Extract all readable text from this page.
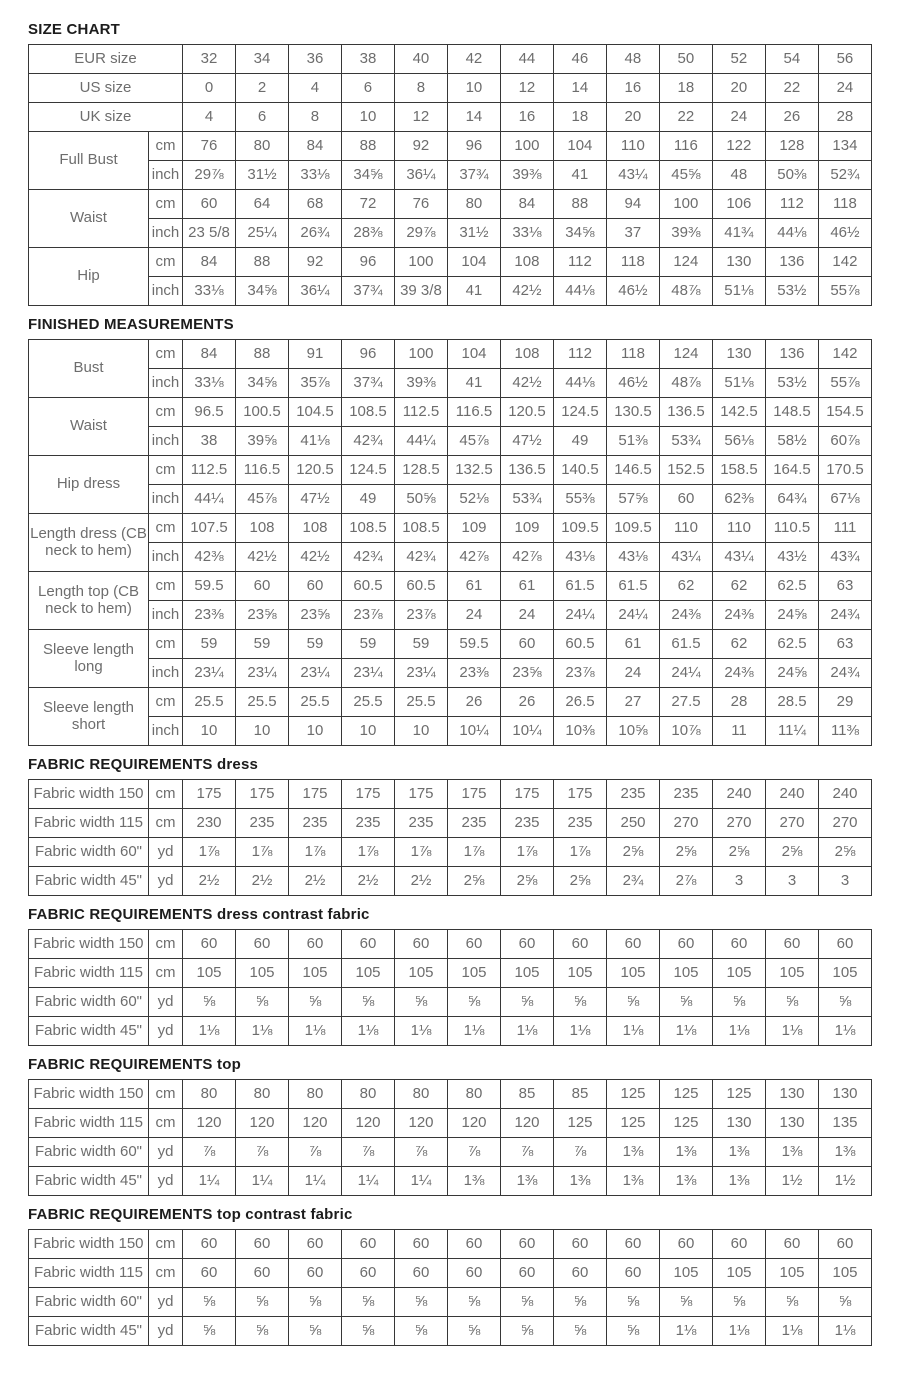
SIZE CHART
EUR size		32	34	36	38	40	42	44	46	48	50	52	54	56
US size		0	2	4	6	8	10	12	14	16	18	20	22	24
UK size		4	6	8	10	12	14	16	18	20	22	24	26	28
Full Bust	cm	76	80	84	88	92	96	100	104	110	116	122	128	134
	inch	29⅞	31½	33⅛	34⅝	36¼	37¾	39⅜	41	43¼	45⅝	48	50⅜	52¾
Waist	cm	60	64	68	72	76	80	84	88	94	100	106	112	118
	inch	23 5/8	25¼	26¾	28⅜	29⅞	31½	33⅛	34⅝	37	39⅜	41¾	44⅛	46½
Hip	cm	84	88	92	96	100	104	108	112	118	124	130	136	142
	inch	33⅛	34⅝	36¼	37¾	39 3/8	41	42½	44⅛	46½	48⅞	51⅛	53½	55⅞
FINISHED MEASUREMENTS
Bust	cm	84	88	91	96	100	104	108	112	118	124	130	136	142
	inch	33⅛	34⅝	35⅞	37¾	39⅜	41	42½	44⅛	46½	48⅞	51⅛	53½	55⅞
Waist	cm	96.5	100.5	104.5	108.5	112.5	116.5	120.5	124.5	130.5	136.5	142.5	148.5	154.5
	inch	38	39⅝	41⅛	42¾	44¼	45⅞	47½	49	51⅜	53¾	56⅛	58½	60⅞
Hip dress	cm	112.5	116.5	120.5	124.5	128.5	132.5	136.5	140.5	146.5	152.5	158.5	164.5	170.5
	inch	44¼	45⅞	47½	49	50⅝	52⅛	53¾	55⅜	57⅝	60	62⅜	64¾	67⅛
Length dress (CB neck to hem)	cm	107.5	108	108	108.5	108.5	109	109	109.5	109.5	110	110	110.5	111
	inch	42⅜	42½	42½	42¾	42¾	42⅞	42⅞	43⅛	43⅛	43¼	43¼	43½	43¾
Length top (CB neck to hem)	cm	59.5	60	60	60.5	60.5	61	61	61.5	61.5	62	62	62.5	63
	inch	23⅜	23⅝	23⅝	23⅞	23⅞	24	24	24¼	24¼	24⅜	24⅜	24⅝	24¾
Sleeve length long	cm	59	59	59	59	59	59.5	60	60.5	61	61.5	62	62.5	63
	inch	23¼	23¼	23¼	23¼	23¼	23⅜	23⅝	23⅞	24	24¼	24⅜	24⅝	24¾
Sleeve length short	cm	25.5	25.5	25.5	25.5	25.5	26	26	26.5	27	27.5	28	28.5	29
	inch	10	10	10	10	10	10¼	10¼	10⅜	10⅝	10⅞	11	11¼	11⅜
FABRIC REQUIREMENTS dress
Fabric width 150	cm	175	175	175	175	175	175	175	175	235	235	240	240	240
Fabric width 115	cm	230	235	235	235	235	235	235	235	250	270	270	270	270
Fabric width 60"	yd	1⅞	1⅞	1⅞	1⅞	1⅞	1⅞	1⅞	1⅞	2⅝	2⅝	2⅝	2⅝	2⅝
Fabric width 45"	yd	2½	2½	2½	2½	2½	2⅝	2⅝	2⅝	2¾	2⅞	3	3	3
FABRIC REQUIREMENTS dress contrast fabric
Fabric width 150	cm	60	60	60	60	60	60	60	60	60	60	60	60	60
Fabric width 115	cm	105	105	105	105	105	105	105	105	105	105	105	105	105
Fabric width 60"	yd	⅝	⅝	⅝	⅝	⅝	⅝	⅝	⅝	⅝	⅝	⅝	⅝	⅝
Fabric width 45"	yd	1⅛	1⅛	1⅛	1⅛	1⅛	1⅛	1⅛	1⅛	1⅛	1⅛	1⅛	1⅛	1⅛
FABRIC REQUIREMENTS top
Fabric width 150	cm	80	80	80	80	80	80	85	85	125	125	125	130	130
Fabric width 115	cm	120	120	120	120	120	120	120	125	125	125	130	130	135
Fabric width 60"	yd	⅞	⅞	⅞	⅞	⅞	⅞	⅞	⅞	1⅜	1⅜	1⅜	1⅜	1⅜
Fabric width 45"	yd	1¼	1¼	1¼	1¼	1¼	1⅜	1⅜	1⅜	1⅜	1⅜	1⅜	1½	1½
FABRIC REQUIREMENTS top contrast fabric
Fabric width 150	cm	60	60	60	60	60	60	60	60	60	60	60	60	60
Fabric width 115	cm	60	60	60	60	60	60	60	60	60	105	105	105	105
Fabric width 60"	yd	⅝	⅝	⅝	⅝	⅝	⅝	⅝	⅝	⅝	⅝	⅝	⅝	⅝
Fabric width 45"	yd	⅝	⅝	⅝	⅝	⅝	⅝	⅝	⅝	⅝	1⅛	1⅛	1⅛	1⅛
